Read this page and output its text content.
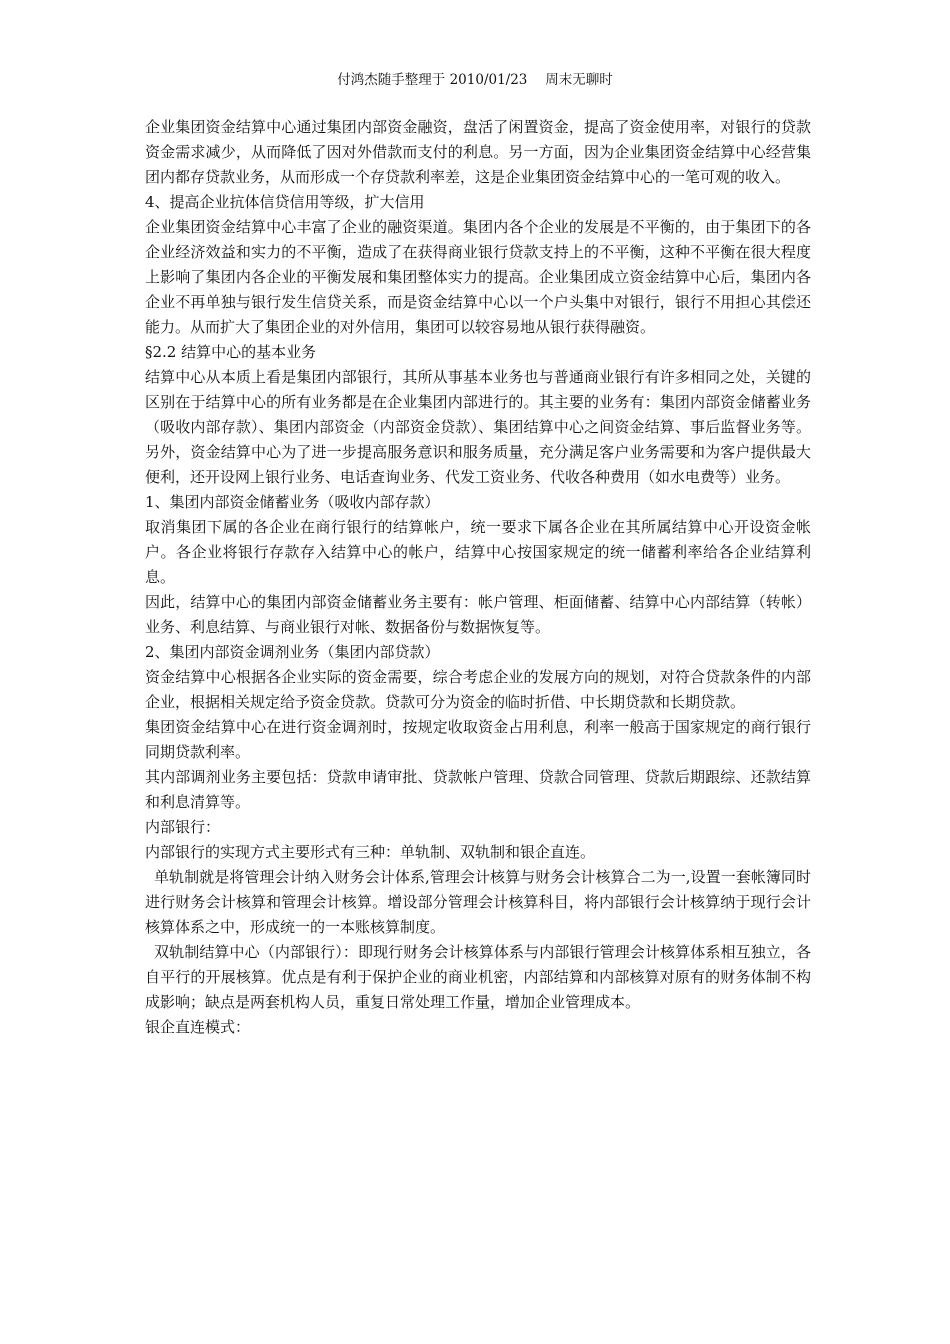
付鸿杰随手整理于 2010/01/23　 周末无聊时

企业集团资金结算中心通过集团内部资金融资，盘活了闲置资金，提高了资金使用率，对银行的贷款资金需求减少，从而降低了因对外借款而支付的利息。另一方面，因为企业集团资金结算中心经营集团内都存贷款业务，从而形成一个存贷款利率差，这是企业集团资金结算中心的一笔可观的收入。

4、提高企业抗体信贷信用等级，扩大信用

企业集团资金结算中心丰富了企业的融资渠道。集团内各个企业的发展是不平衡的，由于集团下的各企业经济效益和实力的不平衡，造成了在获得商业银行贷款支持上的不平衡，这种不平衡在很大程度上影响了集团内各企业的平衡发展和集团整体实力的提高。企业集团成立资金结算中心后，集团内各企业不再单独与银行发生信贷关系，而是资金结算中心以一个户头集中对银行，银行不用担心其偿还能力。从而扩大了集团企业的对外信用，集团可以较容易地从银行获得融资。

§2.2 结算中心的基本业务

结算中心从本质上看是集团内部银行，其所从事基本业务也与普通商业银行有许多相同之处，关键的区别在于结算中心的所有业务都是在企业集团内部进行的。其主要的业务有：集团内部资金储蓄业务（吸收内部存款）、集团内部资金（内部资金贷款）、集团结算中心之间资金结算、事后监督业务等。另外，资金结算中心为了进一步提高服务意识和服务质量，充分满足客户业务需要和为客户提供最大便利，还开设网上银行业务、电话查询业务、代发工资业务、代收各种费用（如水电费等）业务。

1、集团内部资金储蓄业务（吸收内部存款）

取消集团下属的各企业在商行银行的结算帐户，统一要求下属各企业在其所属结算中心开设资金帐户。各企业将银行存款存入结算中心的帐户，结算中心按国家规定的统一储蓄利率给各企业结算利息。

因此，结算中心的集团内部资金储蓄业务主要有：帐户管理、柜面储蓄、结算中心内部结算（转帐）业务、利息结算、与商业银行对帐、数据备份与数据恢复等。

2、集团内部资金调剂业务（集团内部贷款）

资金结算中心根据各企业实际的资金需要，综合考虑企业的发展方向的规划，对符合贷款条件的内部企业，根据相关规定给予资金贷款。贷款可分为资金的临时折借、中长期贷款和长期贷款。

集团资金结算中心在进行资金调剂时，按规定收取资金占用利息，利率一般高于国家规定的商行银行同期贷款利率。

其内部调剂业务主要包括：贷款申请审批、贷款帐户管理、贷款合同管理、贷款后期跟综、还款结算和利息清算等。

内部银行：

内部银行的实现方式主要形式有三种：单轨制、双轨制和银企直连。

单轨制就是将管理会计纳入财务会计体系,管理会计核算与财务会计核算合二为一,设置一套帐簿同时进行财务会计核算和管理会计核算。增设部分管理会计核算科目，将内部银行会计核算纳于现行会计核算体系之中，形成统一的一本账核算制度。

双轨制结算中心（内部银行）：即现行财务会计核算体系与内部银行管理会计核算体系相互独立，各自平行的开展核算。优点是有利于保护企业的商业机密，内部结算和内部核算对原有的财务体制不构成影响；缺点是两套机构人员，重复日常处理工作量，增加企业管理成本。

银企直连模式：
